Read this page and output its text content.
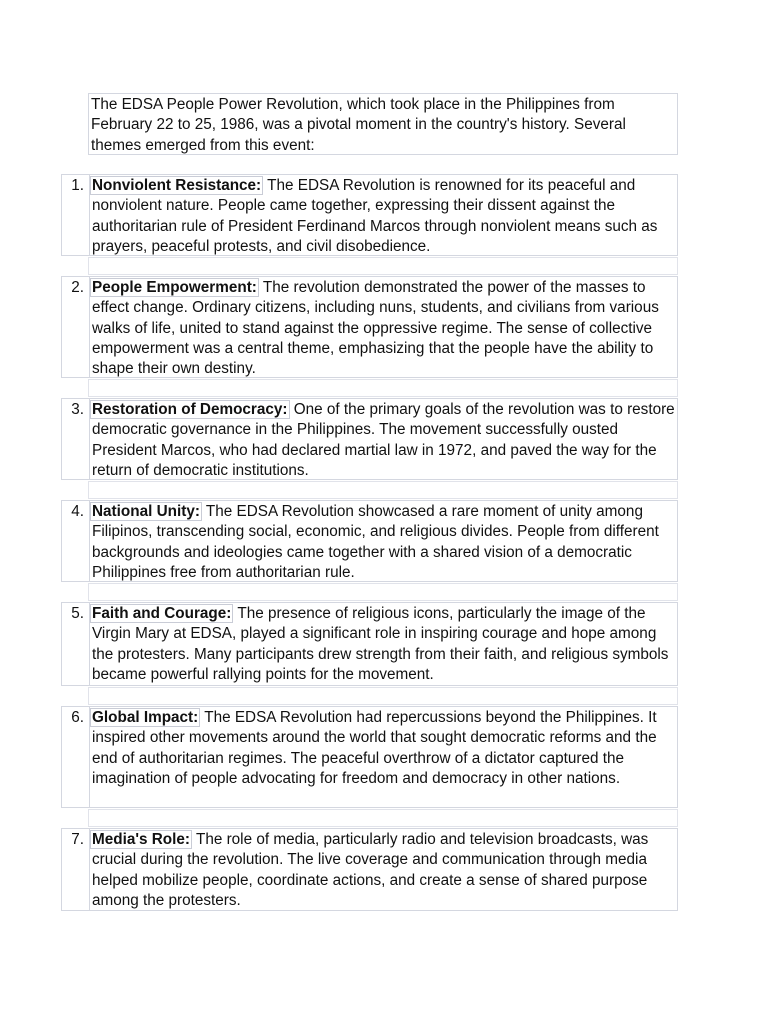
The EDSA People Power Revolution, which took place in the Philippines from February 22 to 25, 1986, was a pivotal moment in the country's history. Several themes emerged from this event:
1. Nonviolent Resistance: The EDSA Revolution is renowned for its peaceful and nonviolent nature. People came together, expressing their dissent against the authoritarian rule of President Ferdinand Marcos through nonviolent means such as prayers, peaceful protests, and civil disobedience.
2. People Empowerment: The revolution demonstrated the power of the masses to effect change. Ordinary citizens, including nuns, students, and civilians from various walks of life, united to stand against the oppressive regime. The sense of collective empowerment was a central theme, emphasizing that the people have the ability to shape their own destiny.
3. Restoration of Democracy: One of the primary goals of the revolution was to restore democratic governance in the Philippines. The movement successfully ousted President Marcos, who had declared martial law in 1972, and paved the way for the return of democratic institutions.
4. National Unity: The EDSA Revolution showcased a rare moment of unity among Filipinos, transcending social, economic, and religious divides. People from different backgrounds and ideologies came together with a shared vision of a democratic Philippines free from authoritarian rule.
5. Faith and Courage: The presence of religious icons, particularly the image of the Virgin Mary at EDSA, played a significant role in inspiring courage and hope among the protesters. Many participants drew strength from their faith, and religious symbols became powerful rallying points for the movement.
6. Global Impact: The EDSA Revolution had repercussions beyond the Philippines. It inspired other movements around the world that sought democratic reforms and the end of authoritarian regimes. The peaceful overthrow of a dictator captured the imagination of people advocating for freedom and democracy in other nations.
7. Media's Role: The role of media, particularly radio and television broadcasts, was crucial during the revolution. The live coverage and communication through media helped mobilize people, coordinate actions, and create a sense of shared purpose among the protesters.
